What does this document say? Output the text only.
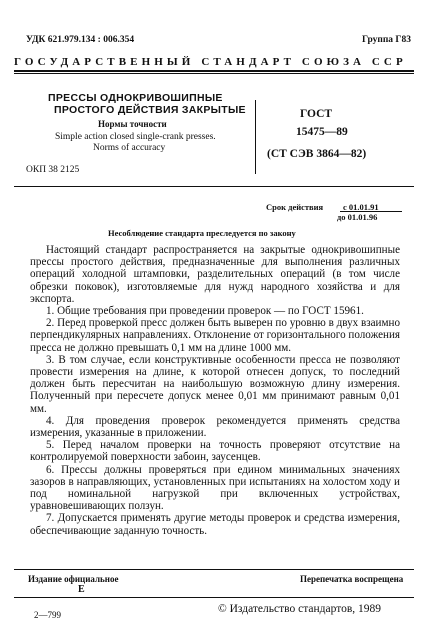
УДК 621.979.134 : 006.354	Группа Г83
ГОСУДАРСТВЕННЫЙ СТАНДАРТ СОЮЗА ССР
ПРЕССЫ ОДНОКРИВОШИПНЫЕ
ПРОСТОГО ДЕЙСТВИЯ ЗАКРЫТЫЕ
Нормы точности
Simple action closed single-crank presses.
Norms of accuracy
ГОСТ
15475—89
(СТ СЭВ 3864—82)
ОКП 38 2125
Срок действия с 01.01.91
до 01.01.96
Несоблюдение стандарта преследуется по закону

Настоящий стандарт распространяется на закрытые однокривошипные прессы простого действия, предназначенные для выполнения различных операций холодной штамповки, разделительных операций (в том числе обрезки поковок), изготовляемые для нужд народного хозяйства и для экспорта.

1. Общие требования при проведении проверок — по ГОСТ 15961.

2. Перед проверкой пресс должен быть выверен по уровню в двух взаимно перпендикулярных направлениях. Отклонение от горизонтального положения пресса не должно превышать 0,1 мм на длине 1000 мм.

3. В том случае, если конструктивные особенности пресса не позволяют провести измерения на длине, к которой отнесен допуск, то последний должен быть пересчитан на наибольшую возможную длину измерения. Полученный при пересчете допуск менее 0,01 мм принимают равным 0,01 мм.

4. Для проведения проверок рекомендуется применять средства измерения, указанные в приложении.

5. Перед началом проверки на точность проверяют отсутствие на контролируемой поверхности забоин, заусенцев.

6. Прессы должны проверяться при едином минимальных значениях зазоров в направляющих, установленных при испытаниях на холостом ходу и под номинальной нагрузкой при включенных устройствах, уравновешивающих ползун.

7. Допускается применять другие методы проверок и средства измерения, обеспечивающие заданную точность.

Издание официальное	Перепечатка воспрещена
Е
2—799	© Издательство стандартов, 1989
